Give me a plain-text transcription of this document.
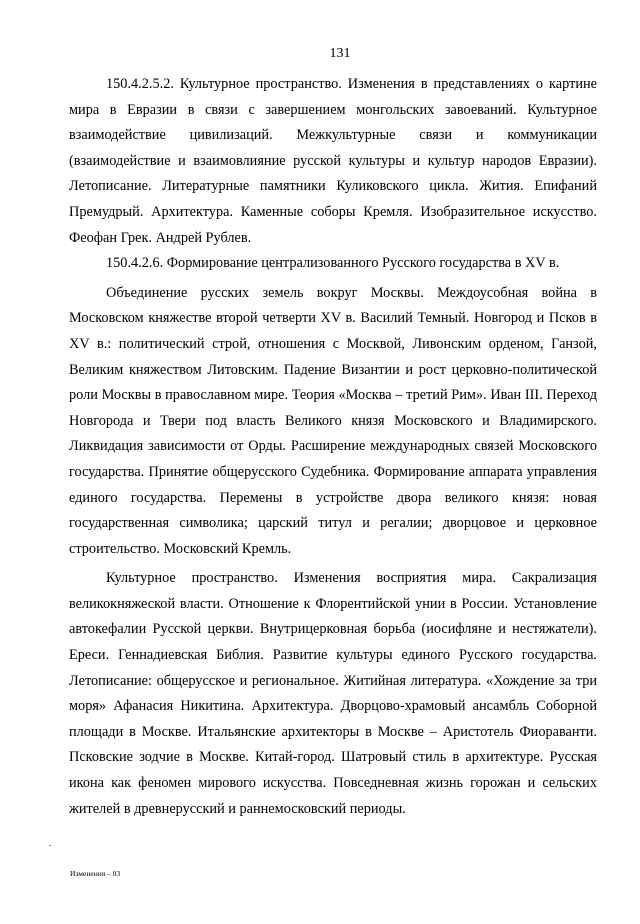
131

150.4.2.5.2. Культурное пространство. Изменения в представлениях о картине мира в Евразии в связи с завершением монгольских завоеваний. Культурное взаимодействие цивилизаций. Межкультурные связи и коммуникации (взаимодействие и взаимовлияние русской культуры и культур народов Евразии). Летописание. Литературные памятники Куликовского цикла. Жития. Епифаний Премудрый. Архитектура. Каменные соборы Кремля. Изобразительное искусство. Феофан Грек. Андрей Рублев.

150.4.2.6. Формирование централизованного Русского государства в XV в.

Объединение русских земель вокруг Москвы. Междоусобная война в Московском княжестве второй четверти XV в. Василий Темный. Новгород и Псков в XV в.: политический строй, отношения с Москвой, Ливонским орденом, Ганзой, Великим княжеством Литовским. Падение Византии и рост церковно-политической роли Москвы в православном мире. Теория «Москва – третий Рим». Иван III. Переход Новгорода и Твери под власть Великого князя Московского и Владимирского. Ликвидация зависимости от Орды. Расширение международных связей Московского государства. Принятие общерусского Судебника. Формирование аппарата управления единого государства. Перемены в устройстве двора великого князя: новая государственная символика; царский титул и регалии; дворцовое и церковное строительство. Московский Кремль.

Культурное пространство. Изменения восприятия мира. Сакрализация великокняжеской власти. Отношение к Флорентийской унии в России. Установление автокефалии Русской церкви. Внутрицерковная борьба (иосифляне и нестяжатели). Ереси. Геннадиевская Библия. Развитие культуры единого Русского государства. Летописание: общерусское и региональное. Житийная литература. «Хождение за три моря» Афанасия Никитина. Архитектура. Дворцово-храмовый ансамбль Соборной площади в Москве. Итальянские архитекторы в Москве – Аристотель Фиораванти. Псковские зодчие в Москве. Китай-город. Шатровый стиль в архитектуре. Русская икона как феномен мирового искусства. Повседневная жизнь горожан и сельских жителей в древнерусский и раннемосковский периоды.

Изменения – 03
